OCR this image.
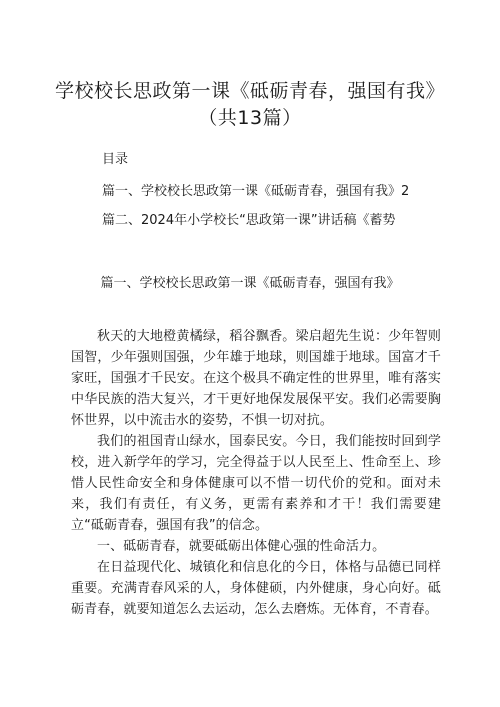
学校校长思政第一课《砥砺青春，强国有我》
（共13篇）
目录
篇一、学校校长思政第一课《砥砺青春，强国有我》2
篇二、2024年小学校长“思政第一课”讲话稿《蓄势
篇一、学校校长思政第一课《砥砺青春，强国有我》

秋天的大地橙黄橘绿，稻谷飘香。梁启超先生说：少年智则国智，少年强则国强，少年雄于地球，则国雄于地球。国富才千家旺，国强才千民安。在这个极具不确定性的世界里，唯有落实中华民族的浩大复兴，才干更好地保发展保平安。我们必需要胸怀世界，以中流击水的姿势，不惧一切对抗。

我们的祖国青山绿水，国泰民安。今日，我们能按时回到学校，进入新学年的学习，完全得益于以人民至上、性命至上、珍惜人民性命安全和身体健康可以不惜一切代价的党和。面对未来，我们有责任，有义务，更需有素养和才干！我们需要建立“砥砺青春，强国有我”的信念。

一、砥砺青春，就要砥砺出体健心强的性命活力。

在日益现代化、城镇化和信息化的今日，体格与品德已同样重要。充满青春风采的人，身体健硕，内外健康，身心向好。砥砺青春，就要知道怎么去运动，怎么去磨炼。无体育，不青春。
